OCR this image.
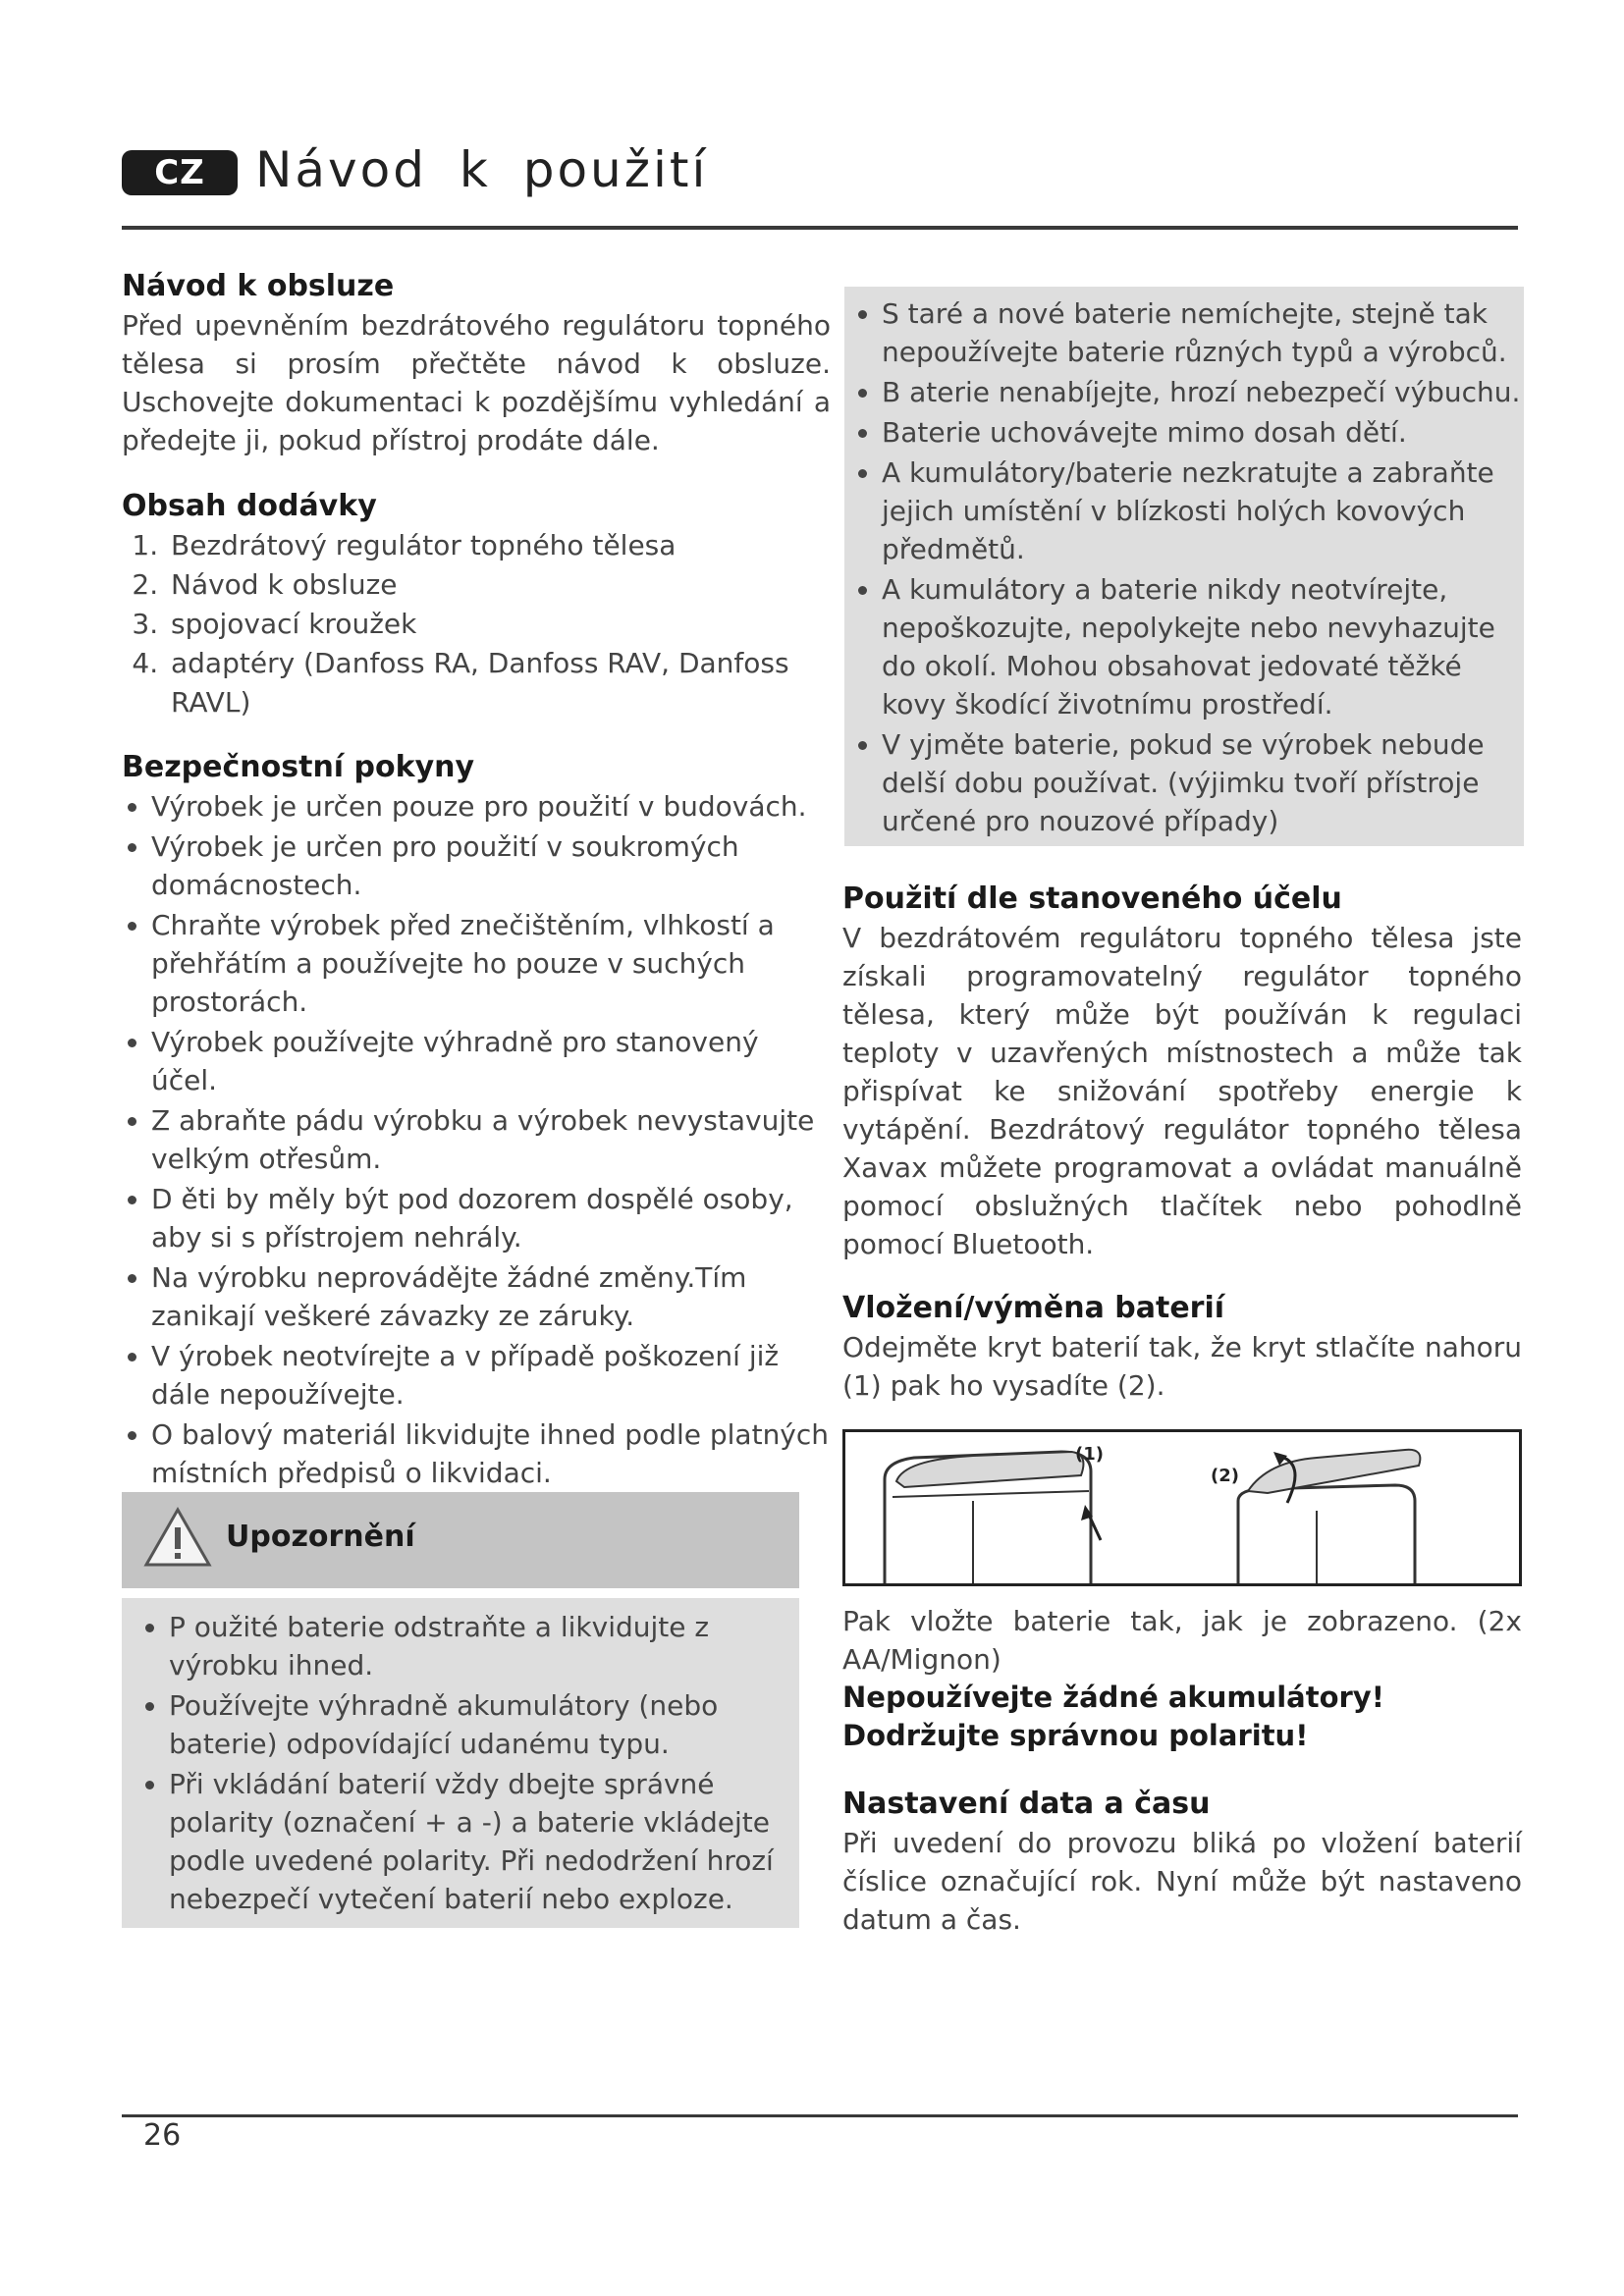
CZ	Návod k použití
• S taré a nové baterie nemíchejte, stejně tak nepoužívejte baterie různých typů a výrobců.
• B aterie nenabíjejte, hrozí nebezpečí výbuchu.
• Baterie uchovávejte mimo dosah dětí.
• A kumulátory/baterie nezkratujte a zabraňte jejich umístění v blízkosti holých kovových předmětů.
• A kumulátory a baterie nikdy neotvírejte, nepoškozujte, nepolykejte nebo nevyhazujte do okolí. Mohou obsahovat jedovaté těžké kovy škodící životnímu prostředí.
• V yjměte baterie, pokud se výrobek nebude delší dobu používat. (výjimku tvoří přístroje určené pro nouzové případy)
Návod k obsluze

Před upevněním bezdrátového regulátoru topného tělesa si prosím přečtěte návod k obsluze. Uschovejte dokumentaci k pozdějšímu vyhledání a předejte ji, pokud přístroj prodáte dále.

Obsah dodávky
1. Bezdrátový regulátor topného tělesa
2. Návod k obsluze
3. spojovací kroužek
4. adaptéry (Danfoss RA, Danfoss RAV, Danfoss RAVL)
Bezpečnostní pokyny
• Výrobek je určen pouze pro použití v budovách.
• Výrobek je určen pro použití v soukromých domácnostech.
• Chraňte výrobek před znečištěním, vlhkostí a přehřátím a používejte ho pouze v suchých prostorách.
• Výrobek používejte výhradně pro stanovený účel.
• Z abraňte pádu výrobku a výrobek nevystavujte velkým otřesům.
• D ěti by měly být pod dozorem dospělé osoby, aby si s přístrojem nehrály.
• Na výrobku neprovádějte žádné změny.Tím zanikají veškeré závazky ze záruky.
• V ýrobek neotvírejte a v případě poškození již dále nepoužívejte.
• O balový materiál likvidujte ihned podle platných místních předpisů o likvidaci.
Upozornění
• P oužité baterie odstraňte a likvidujte z výrobku ihned.
• Používejte výhradně akumulátory (nebo baterie) odpovídající udanému typu.
• Při vkládání baterií vždy dbejte správné polarity (označení + a -) a baterie vkládejte podle uvedené polarity. Při nedodržení hrozí nebezpečí vytečení baterií nebo exploze.
Použití dle stanoveného účelu

V bezdrátovém regulátoru topného tělesa jste získali programovatelný regulátor topného tělesa, který může být používán k regulaci teploty v uzavřených místnostech a může tak přispívat ke snižování spotřeby energie k vytápění. Bezdrátový regulátor topného tělesa Xavax můžete programovat a ovládat manuálně pomocí obslužných tlačítek nebo pohodlně pomocí Bluetooth.

Vložení/výměna baterií

Odejměte kryt baterií tak, že kryt stlačíte nahoru (1) pak ho vysadíte (2).

(1)
(2)

Pak vložte baterie tak, jak je zobrazeno. (2x AA/Mignon)

Nepoužívejte žádné akumulátory! Dodržujte správnou polaritu!

Nastavení data a času

Při uvedení do provozu bliká po vložení baterií číslice označující rok. Nyní může být nastaveno datum a čas.

26
